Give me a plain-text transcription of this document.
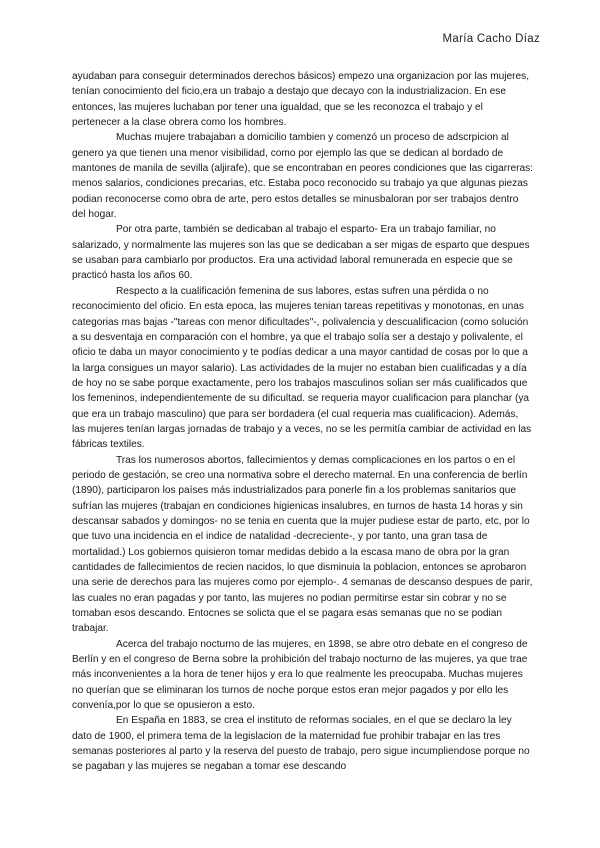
María Cacho Díaz

ayudaban para conseguir determinados derechos básicos) empezo una organizacion por las mujeres, tenían conocimiento del ficio,era un trabajo a destajo que decayo con la industrializacion. En ese entonces, las mujeres luchaban por tener una igualdad, que se les reconozca el trabajo y el pertenecer a la clase obrera como los hombres.

Muchas mujere trabajaban a domicilio tambien y comenzó un proceso de adscrpicion al genero ya que tienen una menor visibilidad, como por ejemplo las que se dedican al bordado de mantones de manila de sevilla (aljirafe), que se encontraban en peores condiciones que las cigarreras: menos salarios, condiciones precarias, etc. Estaba poco reconocido su trabajo ya que algunas piezas podian reconocerse como obra de arte, pero estos detalles se minusbaloran por ser trabajos dentro del hogar.

Por otra parte, también se dedicaban al trabajo el esparto- Era un trabajo familiar, no salarizado, y normalmente las mujeres son las que se dedicaban a ser migas de esparto que despues se usaban para cambiarlo por productos. Era una actividad laboral remunerada en especie que se practicó hasta los años 60.

Respecto a la cualificación femenina de sus labores, estas sufren una pérdida o no reconocimiento del oficio. En esta epoca, las mujeres tenian tareas repetitivas y monotonas, en unas categorias mas bajas -"tareas con menor dificultades"-, polivalencia y descualificacion (como solución a su desventaja en comparación con el hombre, ya que el trabajo solía ser a destajo y polivalente, el oficio te daba un mayor conocimiento y te podías dedicar a una mayor cantidad de cosas por lo que a la larga consigues un mayor salario). Las actividades de la mujer no estaban bien cualificadas y a día de hoy no se sabe porque exactamente, pero los trabajos masculinos solian ser más cualificados que los femeninos, independientemente de su dificultad. se requeria mayor cualificacion para planchar (ya que era un trabajo masculino) que para ser bordadera (el cual requeria mas cualificacion). Además, las mujeres tenían largas jornadas de trabajo y a veces, no se les permitía cambiar de actividad en las fábricas textiles.

Tras los numerosos abortos, fallecimientos y demas complicaciones en los partos o en el periodo de gestación, se creo una normativa sobre el derecho maternal. En una conferencia de berlín (1890), participaron los países más industrializados para ponerle fin a los problemas sanitarios que sufrían las mujeres (trabajan en condiciones higienicas insalubres, en turnos de hasta 14 horas y sin descansar sabados y domingos- no se tenia en cuenta que la mujer pudiese estar de parto, etc, por lo que tuvo una incidencia en el indice de natalidad -decreciente-, y por tanto, una gran tasa de mortalidad.) Los gobiernos quisieron tomar medidas debido a la escasa mano de obra por la gran cantidades de fallecimientos de recien nacidos, lo que disminuia la poblacion, entonces se aprobaron una serie de derechos para las mujeres como por ejemplo-. 4 semanas de descanso despues de parir, las cuales no eran pagadas y por tanto, las mujeres no podian permitirse estar sin cobrar y no se tomaban esos descando. Entocnes se solicta que el se pagara esas semanas que no se podian trabajar.

Acerca del trabajo nocturno de las mujeres, en 1898, se abre otro debate en el congreso de Berlín y en el congreso de Berna sobre la prohibición del trabajo nocturno de las mujeres, ya que trae más inconvenientes a la hora de tener hijos y era lo que realmente les preocupaba. Muchas mujeres no querían que se eliminaran los turnos de noche porque estos eran mejor pagados y por ello les convenía,por lo que se opusieron a esto.

En España en 1883, se crea el instituto de reformas sociales, en el que se declaro la ley dato de 1900, el primera tema de la legislacion de la maternidad fue prohibir trabajar en las tres semanas posteriores al parto y la reserva del puesto de trabajo, pero sigue incumpliendose porque no se pagaban y las mujeres se negaban a tomar ese descando
